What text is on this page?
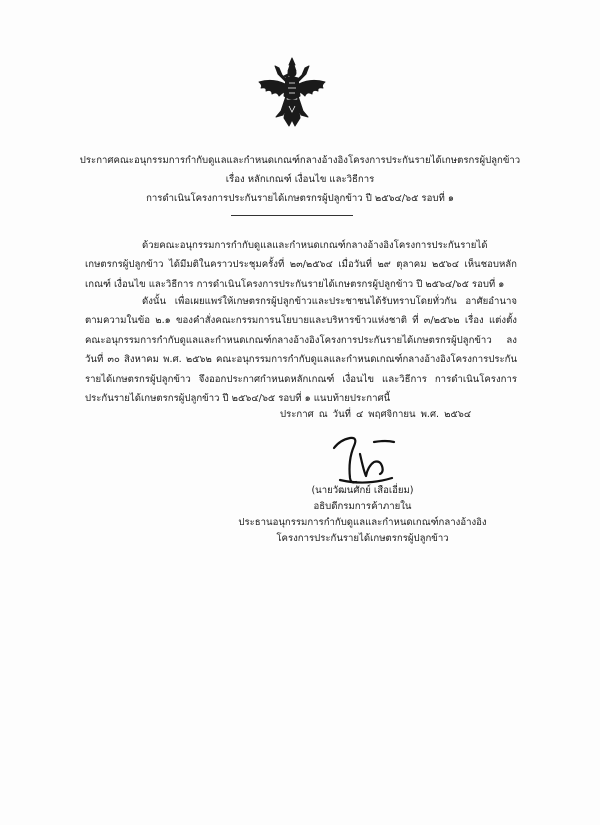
ประกาศคณะอนุกรรมการกำกับดูแลและกำหนดเกณฑ์กลางอ้างอิงโครงการประกันรายได้เกษตรกรผู้ปลูกข้าว
เรื่อง หลักเกณฑ์ เงื่อนไข และวิธีการ
การดำเนินโครงการประกันรายได้เกษตรกรผู้ปลูกข้าว ปี ๒๕๖๔/๖๕ รอบที่ ๑
ด้วยคณะอนุกรรมการกำกับดูแลและกำหนดเกณฑ์กลางอ้างอิงโครงการประกันรายได้เกษตรกรผู้ปลูกข้าว ได้มีมติในคราวประชุมครั้งที่ ๒๓/๒๕๖๔ เมื่อวันที่ ๒๙ ตุลาคม ๒๕๖๔ เห็นชอบหลักเกณฑ์ เงื่อนไข และวิธีการ การดำเนินโครงการประกันรายได้เกษตรกรผู้ปลูกข้าว ปี ๒๕๖๔/๖๕ รอบที่ ๑
ดังนั้น เพื่อเผยแพร่ให้เกษตรกรผู้ปลูกข้าวและประชาชนได้รับทราบโดยทั่วกัน อาศัยอำนาจตามความในข้อ ๒.๑ ของคำสั่งคณะกรรมการนโยบายและบริหารข้าวแห่งชาติ ที่ ๓/๒๕๖๒ เรื่อง แต่งตั้งคณะอนุกรรมการกำกับดูแลและกำหนดเกณฑ์กลางอ้างอิงโครงการประกันรายได้เกษตรกรผู้ปลูกข้าว ลงวันที่ ๓๐ สิงหาคม พ.ศ. ๒๕๖๒ คณะอนุกรรมการกำกับดูแลและกำหนดเกณฑ์กลางอ้างอิงโครงการประกันรายได้เกษตรกรผู้ปลูกข้าว จึงออกประกาศกำหนดหลักเกณฑ์ เงื่อนไข และวิธีการ การดำเนินโครงการประกันรายได้เกษตรกรผู้ปลูกข้าว ปี ๒๕๖๔/๖๕ รอบที่ ๑ แนบท้ายประกาศนี้
ประกาศ ณ วันที่ ๔ พฤศจิกายน พ.ศ. ๒๕๖๔
(นายวัฒนศักย์ เสือเอี่ยม)
อธิบดีกรมการค้าภายใน
ประธานอนุกรรมการกำกับดูแลและกำหนดเกณฑ์กลางอ้างอิง
โครงการประกันรายได้เกษตรกรผู้ปลูกข้าว
